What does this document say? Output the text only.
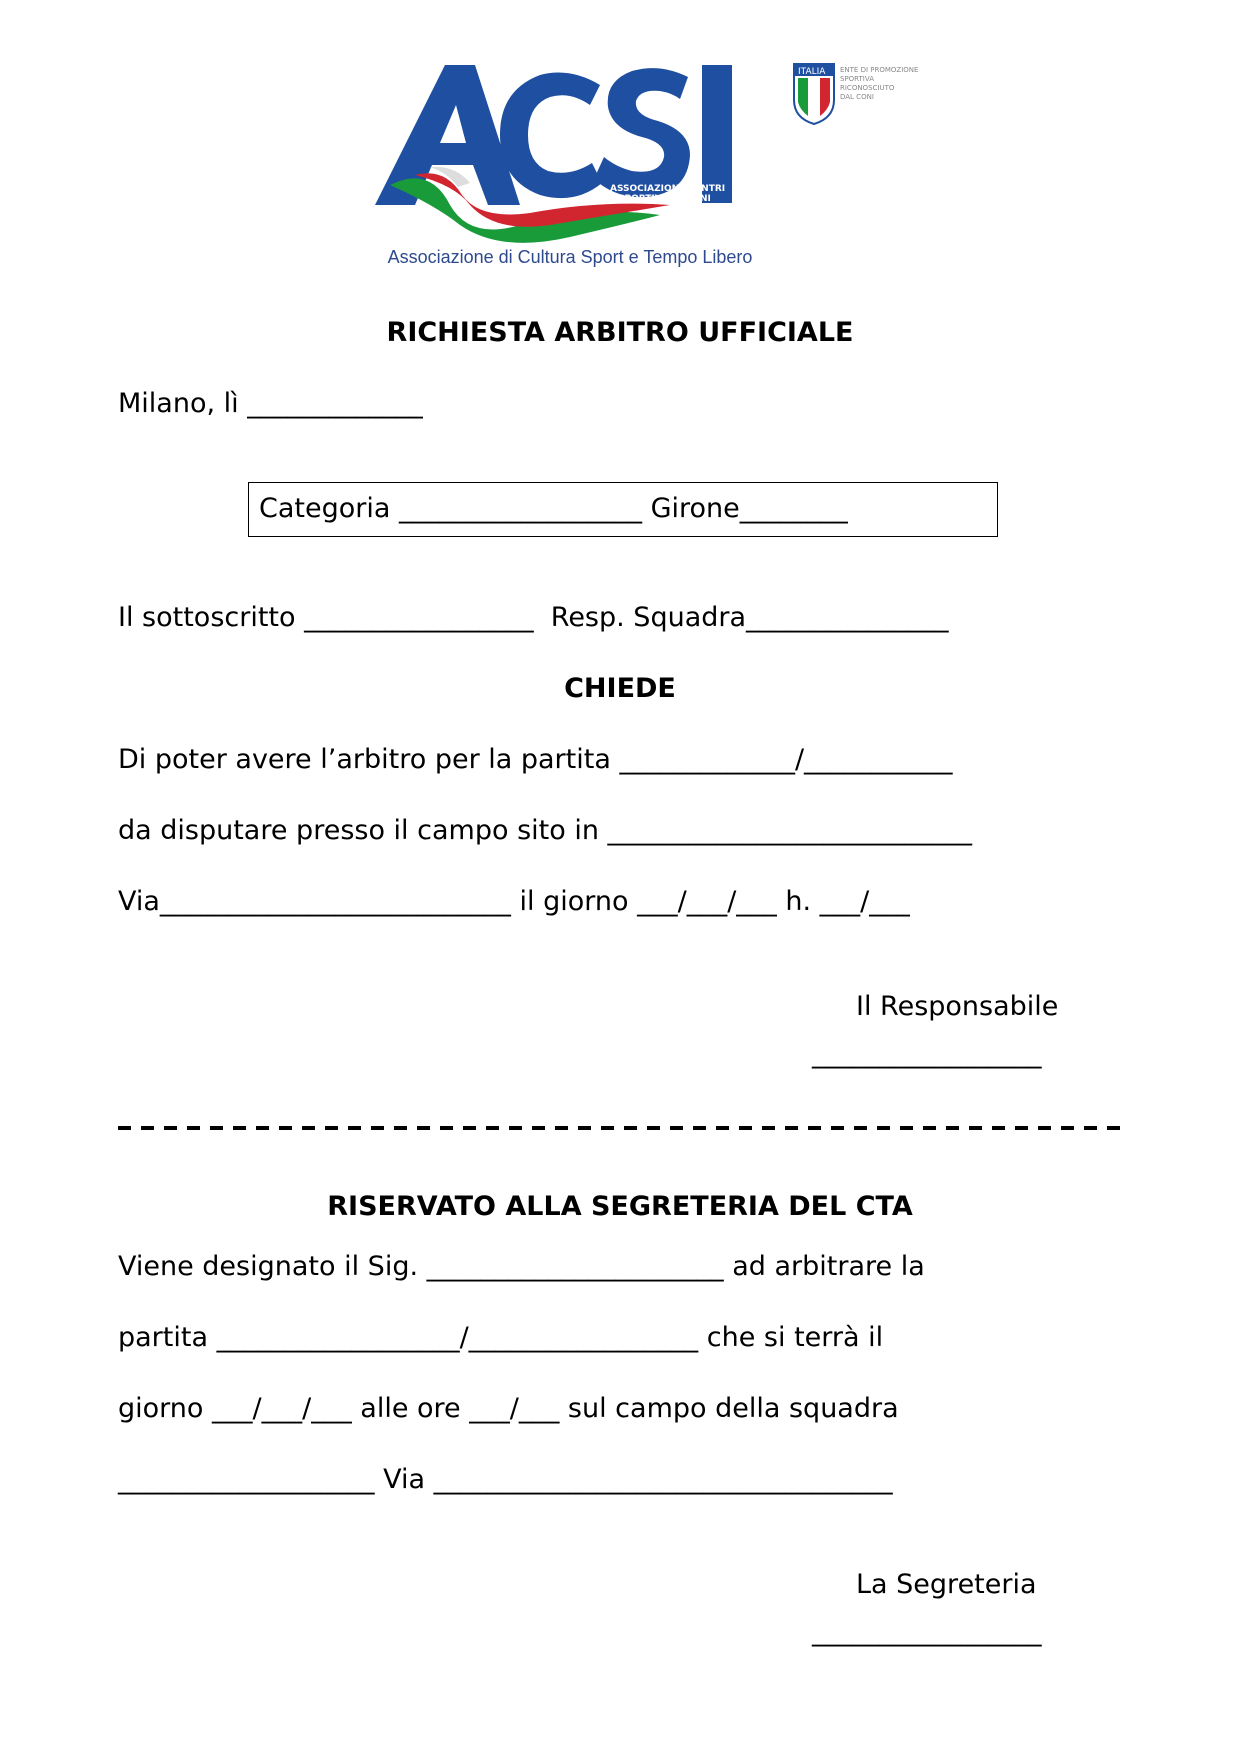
ASSOCIAZIONE CENTRI
SPORTIVI ITALIANI
Associazione di Cultura Sport e Tempo Libero
ITALIA ENTE DI PROMOZIONE
SPORTIVA
RICONOSCIUTO
DAL CONI
RICHIESTA ARBITRO UFFICIALE
Milano, lì _____________
Categoria __________________ Girone________
Il sottoscritto _________________  Resp. Squadra_______________
CHIEDE
Di poter avere l’arbitro per la partita _____________/___________
da disputare presso il campo sito in ___________________________
Via__________________________ il giorno ___/___/___ h. ___/___
Il Responsabile
_________________
RISERVATO ALLA SEGRETERIA DEL CTA
Viene designato il Sig. ______________________ ad arbitrare la
partita __________________/_________________ che si terrà il
giorno ___/___/___ alle ore ___/___ sul campo della squadra
___________________ Via __________________________________
La Segreteria
_________________
